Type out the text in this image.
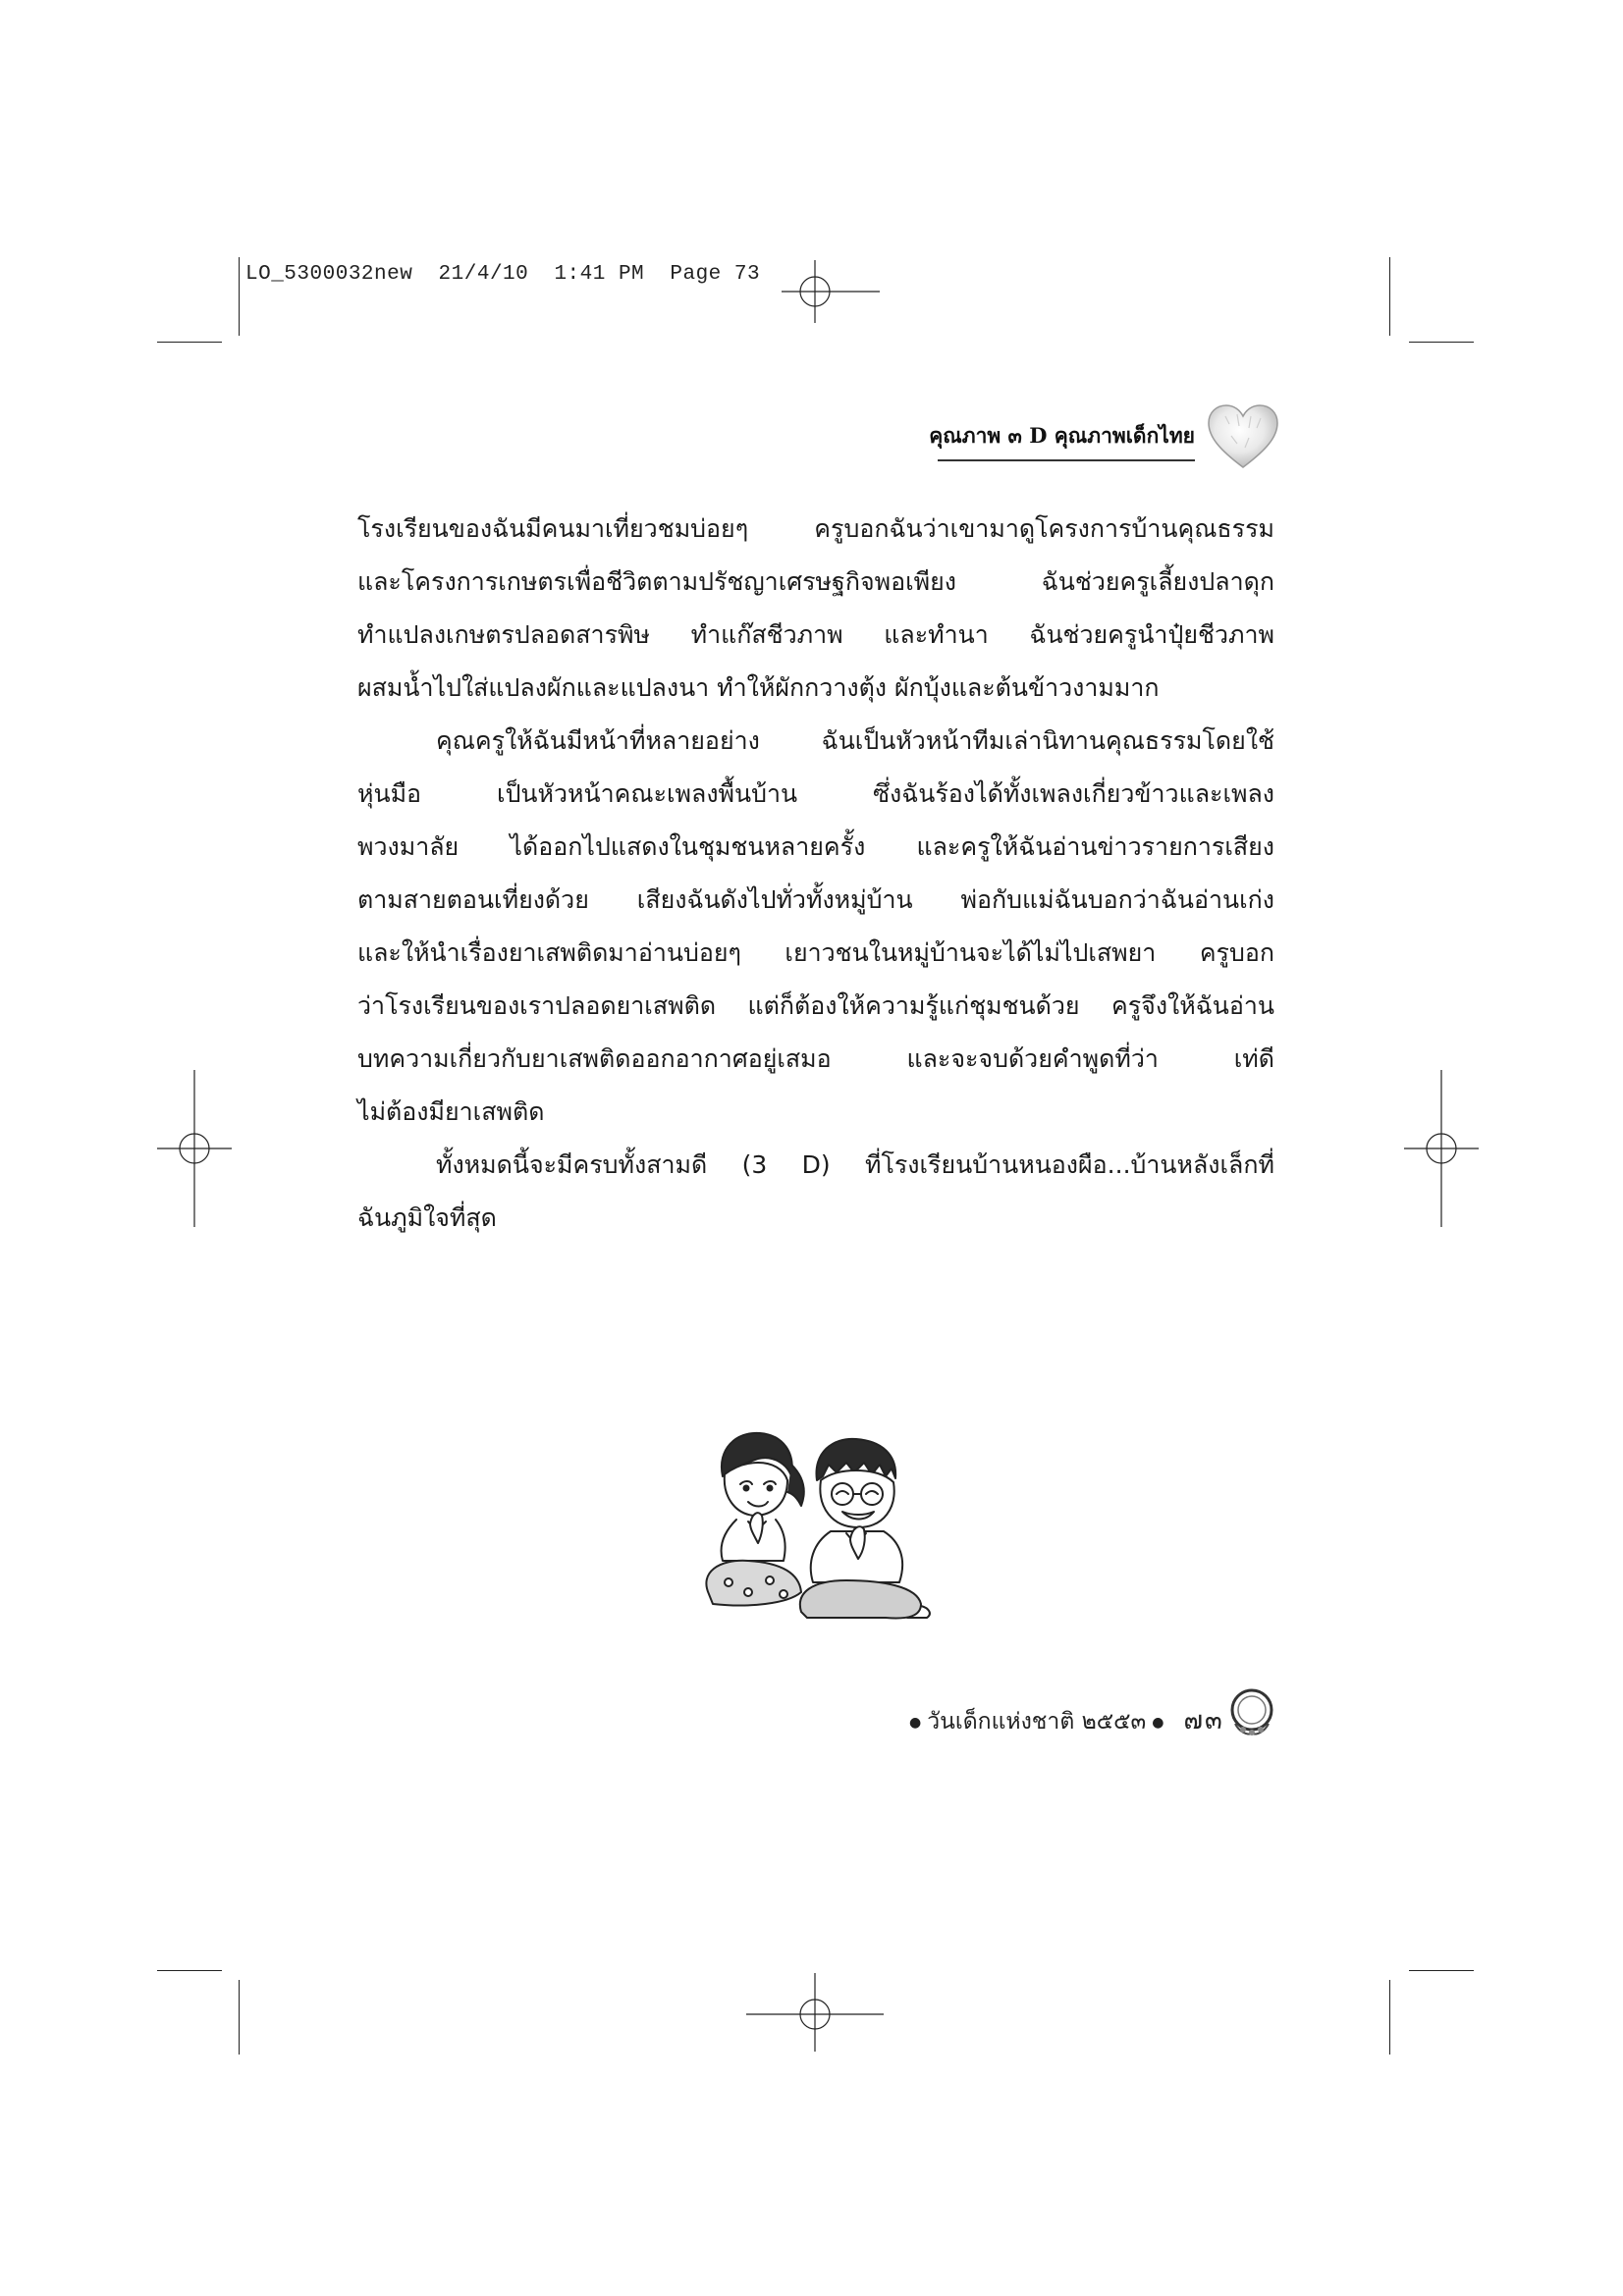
LO_5300032new  21/4/10  1:41 PM  Page 73
คุณภาพ ๓ D คุณภาพเด็กไทย
โรงเรียนของฉันมีคนมาเที่ยวชมบ่อยๆ ครูบอกฉันว่าเขามาดูโครงการบ้านคุณธรรม
และโครงการเกษตรเพื่อชีวิตตามปรัชญาเศรษฐกิจพอเพียง ฉันช่วยครูเลี้ยงปลาดุก
ทำแปลงเกษตรปลอดสารพิษ ทำแก๊สชีวภาพ และทำนา ฉันช่วยครูนำปุ๋ยชีวภาพ
ผสมน้ำไปใส่แปลงผักและแปลงนา ทำให้ผักกวางตุ้ง ผักบุ้งและต้นข้าวงามมาก
คุณครูให้ฉันมีหน้าที่หลายอย่าง ฉันเป็นหัวหน้าทีมเล่านิทานคุณธรรมโดยใช้
หุ่นมือ เป็นหัวหน้าคณะเพลงพื้นบ้าน ซึ่งฉันร้องได้ทั้งเพลงเกี่ยวข้าวและเพลง
พวงมาลัย ได้ออกไปแสดงในชุมชนหลายครั้ง และครูให้ฉันอ่านข่าวรายการเสียง
ตามสายตอนเที่ยงด้วย เสียงฉันดังไปทั่วทั้งหมู่บ้าน พ่อกับแม่ฉันบอกว่าฉันอ่านเก่ง
และให้นำเรื่องยาเสพติดมาอ่านบ่อยๆ เยาวชนในหมู่บ้านจะได้ไม่ไปเสพยา ครูบอก
ว่าโรงเรียนของเราปลอดยาเสพติด แต่ก็ต้องให้ความรู้แก่ชุมชนด้วย ครูจึงให้ฉันอ่าน
บทความเกี่ยวกับยาเสพติดออกอากาศอยู่เสมอ และจะจบด้วยคำพูดที่ว่า เท่ดี
ไม่ต้องมียาเสพติด
ทั้งหมดนี้จะมีครบทั้งสามดี (3 D) ที่โรงเรียนบ้านหนองผือ...บ้านหลังเล็กที่
ฉันภูมิใจที่สุด
● วันเด็กแห่งชาติ ๒๕๕๓ ● ๗๓
